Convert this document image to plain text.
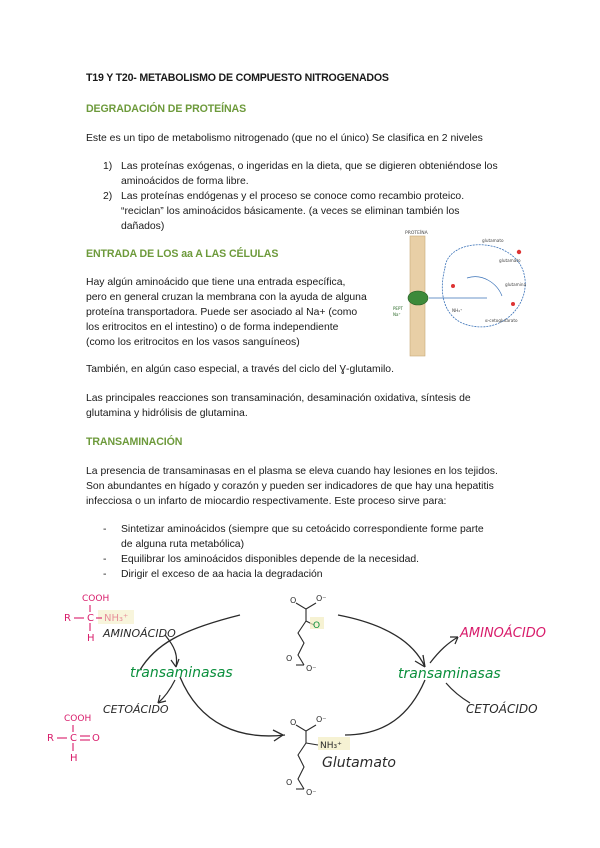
T19 Y T20- METABOLISMO DE COMPUESTO NITROGENADOS
DEGRADACIÓN DE PROTEÍNAS
Este es un tipo de metabolismo nitrogenado (que no el único) Se clasifica en 2 niveles
1) Las proteínas exógenas, o ingeridas en la dieta, que se digieren obteniéndose los
aminoácidos de forma libre.
2) Las proteínas endógenas y el proceso se conoce como recambio proteico.
“reciclan” los aminoácidos básicamente. (a veces se eliminan también los
dañados)
ENTRADA DE LOS aa A LAS CÉLULAS
Hay algún aminoácido que tiene una entrada específica,
pero en general cruzan la membrana con la ayuda de alguna
proteína transportadora. Puede ser asociado al Na+ (como
los eritrocitos en el intestino) o de forma independiente
(como los eritrocitos en los vasos sanguíneos)
También, en algún caso especial, a través del ciclo del Ɣ-glutamilo.
Las principales reacciones son transaminación, desaminación oxidativa, síntesis de
glutamina y hidrólisis de glutamina.
TRANSAMINACIÓN
La presencia de transaminasas en el plasma se eleva cuando hay lesiones en los tejidos.
Son abundantes en hígado y corazón y pueden ser indicadores de que hay una hepatitis
infecciosa o un infarto de miocardio respectivamente. Este proceso sirve para:
- Sintetizar aminoácidos (siempre que su cetoácido correspondiente forme parte
de alguna ruta metabólica)
- Equilibrar los aminoácidos disponibles depende de la necesidad.
- Dirigir el exceso de aa hacia la degradación
PROTEÍNA
glutamato
glutamato
glutamina
α-cetoglutarato
NH₄⁺
PEPT
Na⁺
COOH
R C
H
COOH
R C O
H
AMINOÁCIDO
CETOÁCIDO
transaminasas	transaminasas
AMINOÁCIDO
CETOÁCIDO
O O⁻
O
O
O⁻
O O⁻
NH₃⁺
O
O⁻
Glutamato
